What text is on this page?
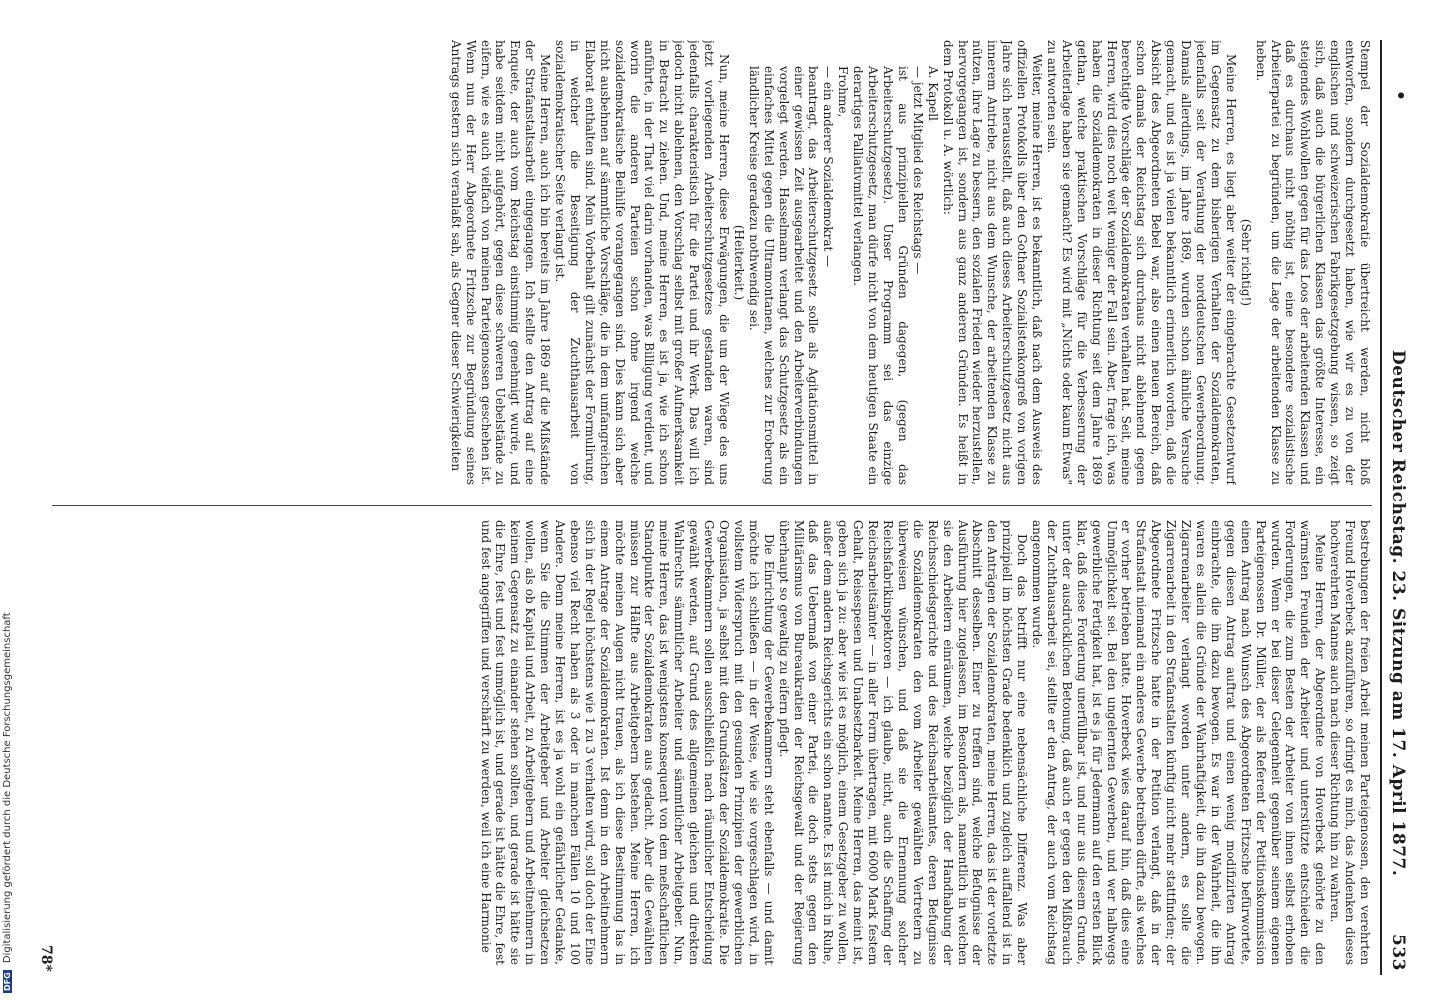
•
Deutscher Reichstag. 23. Sitzung am 17. April 1877.
533

Stempel der Sozialdemokratie übertreicht werden, nicht bloß entworfen, sondern durchgesetzt haben, wie wir es zu von der englischen und schweizerischen Fabrikgesetzgebung wissen, so zeigt sich, daß auch die bürgerlichen Klassen das größte Interesse, ein steigendes Wohlwollen gegen für das Loos der arbeitenden Klassen und daß es durchaus nicht nöthig ist, eine besondere sozialistische Arbeiterpartei zu begründen, um die Lage der arbeitenden Klasse zu heben.

(Sehr richtig!)

Meine Herren, es liegt aber weiter der eingebrachte Gesetzentwurf im Gegensatz zu dem bisherigen Verhalten der Sozialdemokraten, jedenfalls seit der Verathung der norddeutschen Gewerbeordnung. Damals allerdings, im Jahre 1869, wurden schon ähnliche Versuche gemacht, und es ist ja vielen bekanntlich erinnerlich worden, daß die Absicht des Abgeordneten Bebel war, also einen neuen Bereich, daß schon damals der Reichstag sich durchaus nicht ablehnend gegen berechtigte Vorschläge der Sozialdemokraten verhalten hat. Seit, meine Herren, wird dies noch weit weniger der Fall sein. Aber, frage ich, was haben die Sozialdemokraten in dieser Richtung seit dem Jahre 1869 gethan, welche praktischen Vorschläge für die Verbesserung der Arbeiterlage haben sie gemacht? Es wird mit „Nichts oder kaum Etwas" zu antworten sein.

Weiter, meine Herren, ist es bekanntlich, daß nach dem Ausweis des offiziellen Protokolls über den Gothaer Sozialistenkongreß von vorigen Jahre sich herausstellt, daß auch dieses Arbeiterschutzgesetz nicht aus innerem Antriebe, nicht aus dem Wunsche, der arbeitenden Klasse zu nützen, ihre Lage zu bessern, den sozialen Frieden wieder herzustellen, hervorgegangen ist, sondern aus ganz anderen Gründen. Es heißt in dem Protokoll u. A. wörtlich:

A. Kapell

— jetzt Mitglied des Reichstags —

ist aus prinzipiellen Gründen dagegen, (gegen das Arbeiterschutzgesetz). Unser Programm sei das einzige Arbeiterschutzgesetz, man dürfe nicht von dem heutigen Staate ein derartiges Palliativmittel verlangen.

Frohme,

— ein anderer Sozialdemokrat —

beantragt, das Arbeiterschutzgesetz solle als Agitationsmittel in einer gewissen Zeit ausgearbeitet und den Arbeiterverbindungen vorgelegt werden. Hasselmann verlangt das Schutzgesetz als ein einfaches Mittel gegen die Ultramontanen, welches zur Eroberung ländlicher Kreise geradezu nothwendig sei.

(Heiterkeit.)

Nun, meine Herren, diese Erwägungen, die um der Wiege des uns jetzt vorliegenden Arbeiterschutzgesetzes gestanden waren, sind jedenfalls charakteristisch für die Partei und ihr Werk. Das will ich jedoch nicht ablehnen, den Vorschlag selbst mit großer Aufmerksamkeit in Betracht zu ziehen. Und, meine Herren, es ist ja, wie ich schon anführte, in der That viel darin vorhanden, was Billigung verdient, und worin die anderen Parteien schon ohne irgend welche sozialdemokratische Beihilfe vorangegangen sind. Dies kann sich aber nicht ausbehnen auf sämmtliche Vorschläge, die in dem umfangreichen Elaborat enthalten sind. Mein Vorbehalt gilt zunächst der Formulirung, in welcher die Beseitigung der Zuchthausarbeit von sozialdemokratischer Seite verlangt ist.

Meine Herren, auch ich bin bereits im Jahre 1869 auf die Mißstände der Strafanstaltsarbeit eingegangen. Ich stellte den Antrag auf eine Enquete, der auch vom Reichstag einstimmig genehmigt wurde, und habe seitdem nicht aufgehört, gegen diese schweren Uebelstände zu eifern, wie es auch vielfach von meinen Parteigenossen geschehen ist. Wenn nun der Herr Abgeordnete Fritzsche zur Begründung seines Antrags gestern sich veranlaßt sah, als Gegner dieser Schwierigkeiten

bestrebungen der freien Arbeit meinen Parteigenossen, den verehrten Freund Hoverbeck anzuführen, so dringt es mich, das Andenken dieses hochverehrten Mannes auch nach dieser Richtung hin zu wahren.

Meine Herren, der Abgeordnete von Hoverbeck gehörte zu den wärmsten Freunden der Arbeiter und unterstützte entschieden die Forderungen, die zum Besten der Arbeiter von ihnen selbst erhoben wurden. Wenn er bei dieser Gelegenheit gegenüber seinem eigenen Parteigenossen Dr. Müller, der als Referent der Petitionskommission einen Antrag nach Wunsch des Abgeordneten Fritzsche befürwortete, gegen diesen Antrag auftrat und einen wenig modifizirten Antrag einbrachte, die ihn dazu bewogen. Es war in der Wahrheit, die ihn waren es allein die Gründe der Wahrhaftigkeit, die ihn dazu bewogen. Zigarrenarbeiter verlangt worden unter andern, es solle die Zigarrenarbeit in den Strafanstalten künftig nicht mehr stattfinden; der Abgeordnete Fritzsche hatte in der Petition verlangt, daß in der Strafanstalt niemand ein anderes Gewerbe betreiben dürfte, als welches er vorher betrieben hatte. Hoverbeck wies darauf hin, daß dies eine Unmöglichkeit sei. Bei den ungelernten Gewerben, und wer halbwegs gewerbliche Fertigkeit hat, ist es ja für Jedermann auf den ersten Blick klar, daß diese Forderung unerfüllbar ist, und nur aus diesem Grunde, unter der ausdrücklichen Betonung, daß auch er gegen den Mißbrauch der Zuchthausarbeit sei, stellte er den Antrag, der auch vom Reichstag angenommen wurde.

Doch das betrifft nur eine nebensächliche Differenz. Was aber prinzipiell im höchsten Grade bedenklich und zugleich auffallend ist in den Anträgen der Sozialdemokraten, meine Herren, das ist der vorletzte Abschnitt desselben. Einer zu treffen sind, welche Befugnisse der Ausführung hier zugelassen, im Besondern als, namentlich in welchen sie den Arbeitern einräumen, welche bezüglich der Handhabung der Reichsschiedsgerichte und des Reichsarbeitsamtes, deren Befugnisse die Sozialdemokraten den vom Arbeiter gewählten Vertretern zu überweisen wünschen, und daß sie die Ernennung solcher Reichsfabrikinspektoren — ich glaube, nicht, auch die Schaffung der Reichsarbeitsämter — in aller Form übertragen, mit 6000 Mark festem Gehalt, Reisespesen und Unabsetzbarkeit. Meine Herren, das meint ist, geben sich ja zu: aber wie ist es möglich, einem Gesetzgeber zu wollen, außer dem andern Reichsgerichts ein schon nannte. Es ist mich in Ruhe, daß das Uebermaß von einer Partei, die doch stets gegen den Militärismus von Bureaukratien der Reichsgewalt und der Regierung überhaupt so gewaltig zu eifern pflegt.

Die Einrichtung der Gewerbekammern steht ebenfalls — und damit möchte ich schließen — in der Weise, wie sie vorgeschlagen wird, in vollstem Widerspruch mit den gesunden Prinzipien der gewerblichen Organisation, ja selbst mit den Grundsätzen der Sozialdemokratie. Die Gewerbekammern sollen ausschließlich nach räumlicher Entscheidung gewählt werden, auf Grund des allgemeinen gleichen und direkten Wahlrechts sämmtlicher Arbeiter und sämmtlicher Arbeitgeber. Nun, meine Herren, das ist wenigstens konsequent von dem meßschaftlichen Standpunkte der Sozialdemokraten aus gedacht. Aber die Gewählten müssen zur Hälfte aus Arbeitgebern bestehen. Meine Herren, ich möchte meinen Augen nicht trauen, als ich diese Bestimmung las in einem Antrage der Sozialdemokraten. Ist denn in den Arbeitnehmern sich in der Regel höchstens wie 1 zu 3 verhalten wird, soll doch der Eine ebenso viel Recht haben als 3 oder in manchen Fällen 10 und 100 Andere. Denn meine Herren, ist es ja wohl ein gefährlicher Gedanke, wenn Sie die Stimmen der Arbeitgeber und Arbeiter gleichsetzen wollen, als ob Kapital und Arbeit, zu Arbeitgebern und Arbeitnehmern in keinem Gegensatz zu einander stehen sollten, und gerade ist hätte sie die Ehre, fest und fest unmöglich ist, und gerade ist hätte die Ehre, fest und fest angegriffen und verschärft zu werden, weil ich eine Harmonie

78*
DFG Digitalisierung gefördert durch die Deutsche Forschungsgemeinschaft
